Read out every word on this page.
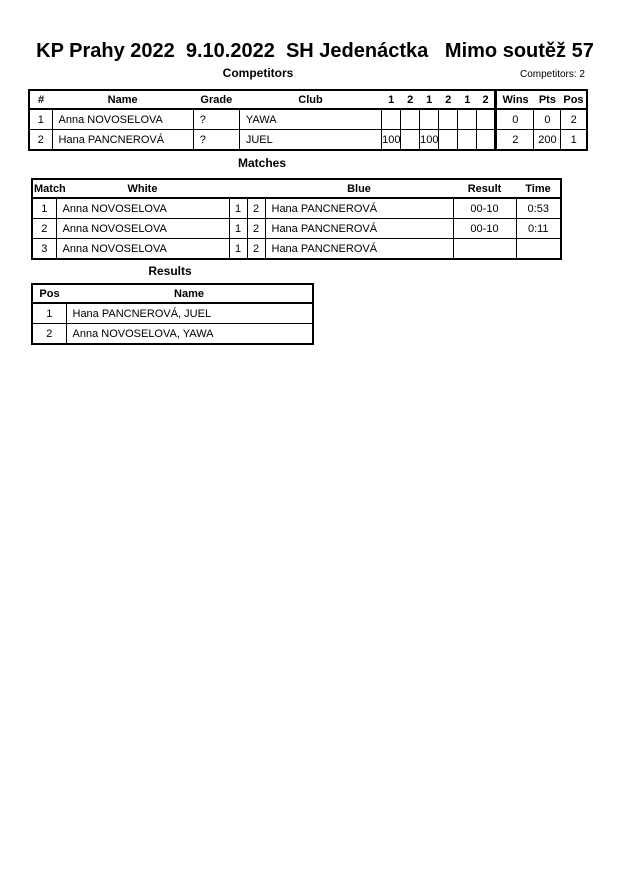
KP Prahy 2022  9.10.2022  SH Jedenáctka   Mimo soutěž 57
Competitors	Competitors: 2
#	Name	Grade	Club	1	2	1	2	1	2	Wins	Pts	Pos
1	Anna NOVOSELOVA	?	YAWA							0	0	2
2	Hana PANCNEROVÁ	?	JUEL	100		100				2	200	1
Matches
Match	White			Blue	Result	Time
1	Anna NOVOSELOVA	1	2	Hana PANCNEROVÁ	00-10	0:53
2	Anna NOVOSELOVA	1	2	Hana PANCNEROVÁ	00-10	0:11
3	Anna NOVOSELOVA	1	2	Hana PANCNEROVÁ		
Results
Pos	Name
1	Hana PANCNEROVÁ, JUEL
2	Anna NOVOSELOVA, YAWA
